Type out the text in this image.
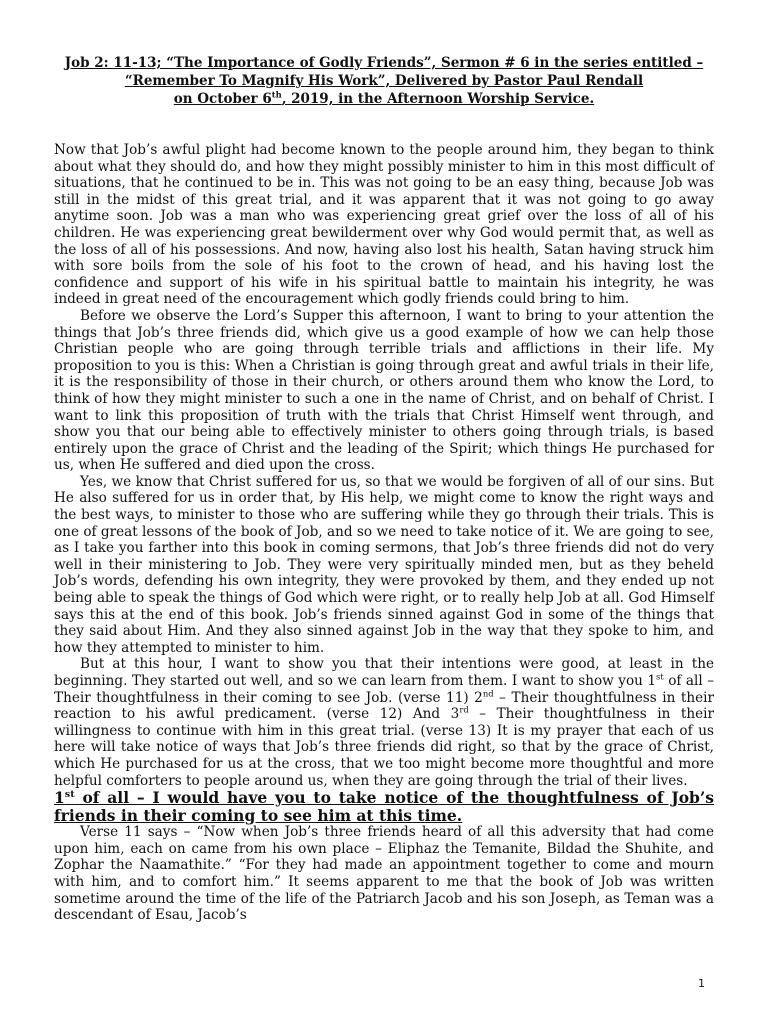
Job 2: 11-13; “The Importance of Godly Friends”, Sermon # 6 in the series entitled –
“Remember To Magnify His Work”, Delivered by Pastor Paul Rendall
on October 6th, 2019, in the Afternoon Worship Service.

Now that Job’s awful plight had become known to the people around him, they began to think about what they should do, and how they might possibly minister to him in this most difficult of situations, that he continued to be in. This was not going to be an easy thing, because Job was still in the midst of this great trial, and it was apparent that it was not going to go away anytime soon. Job was a man who was experiencing great grief over the loss of all of his children. He was experiencing great bewilderment over why God would permit that, as well as the loss of all of his possessions. And now, having also lost his health, Satan having struck him with sore boils from the sole of his foot to the crown of head, and his having lost the confidence and support of his wife in his spiritual battle to maintain his integrity, he was indeed in great need of the encouragement which godly friends could bring to him.

Before we observe the Lord’s Supper this afternoon, I want to bring to your attention the things that Job’s three friends did, which give us a good example of how we can help those Christian people who are going through terrible trials and afflictions in their life. My proposition to you is this: When a Christian is going through great and awful trials in their life, it is the responsibility of those in their church, or others around them who know the Lord, to think of how they might minister to such a one in the name of Christ, and on behalf of Christ. I want to link this proposition of truth with the trials that Christ Himself went through, and show you that our being able to effectively minister to others going through trials, is based entirely upon the grace of Christ and the leading of the Spirit; which things He purchased for us, when He suffered and died upon the cross.

Yes, we know that Christ suffered for us, so that we would be forgiven of all of our sins. But He also suffered for us in order that, by His help, we might come to know the right ways and the best ways, to minister to those who are suffering while they go through their trials. This is one of great lessons of the book of Job, and so we need to take notice of it. We are going to see, as I take you farther into this book in coming sermons, that Job’s three friends did not do very well in their ministering to Job. They were very spiritually minded men, but as they beheld Job’s words, defending his own integrity, they were provoked by them, and they ended up not being able to speak the things of God which were right, or to really help Job at all. God Himself says this at the end of this book. Job’s friends sinned against God in some of the things that they said about Him. And they also sinned against Job in the way that they spoke to him, and how they attempted to minister to him.

But at this hour, I want to show you that their intentions were good, at least in the beginning. They started out well, and so we can learn from them. I want to show you 1st of all – Their thoughtfulness in their coming to see Job. (verse 11) 2nd – Their thoughtfulness in their reaction to his awful predicament. (verse 12) And 3rd – Their thoughtfulness in their willingness to continue with him in this great trial. (verse 13) It is my prayer that each of us here will take notice of ways that Job’s three friends did right, so that by the grace of Christ, which He purchased for us at the cross, that we too might become more thoughtful and more helpful comforters to people around us, when they are going through the trial of their lives.

1st of all – I would have you to take notice of the thoughtfulness of Job’s friends in their coming to see him at this time.

Verse 11 says – “Now when Job’s three friends heard of all this adversity that had come upon him, each on came from his own place – Eliphaz the Temanite, Bildad the Shuhite, and Zophar the Naamathite.” “For they had made an appointment together to come and mourn with him, and to comfort him.” It seems apparent to me that the book of Job was written sometime around the time of the life of the Patriarch Jacob and his son Joseph, as Teman was a descendant of Esau, Jacob’s

1
